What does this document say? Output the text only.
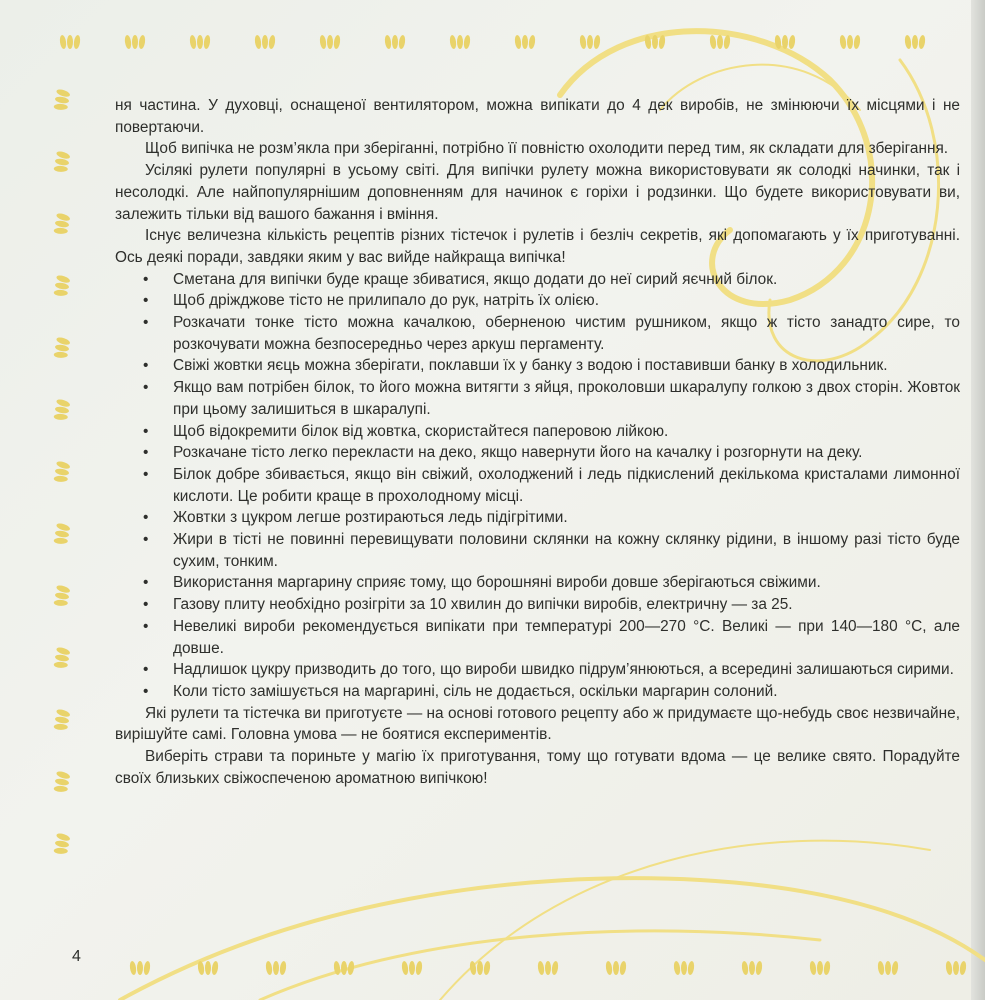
ня частина. У духовці, оснащеної вентилятором, можна випікати до 4 дек виробів, не змінюючи їх місцями і не повертаючи.

Щоб випічка не розм’якла при зберіганні, потрібно її повністю охолодити перед тим, як складати для зберігання.

Усілякі рулети популярні в усьому світі. Для випічки рулету можна використовувати як солодкі начинки, так і несолодкі. Але найпопулярнішим доповненням для начинок є горіхи і родзинки. Що будете використовувати ви, залежить тільки від вашого бажання і вміння.

Існує величезна кількість рецептів різних тістечок і рулетів і безліч секретів, які допомагають у їх приготуванні. Ось деякі поради, завдяки яким у вас вийде найкраща випічка!

• Сметана для випічки буде краще збиватися, якщо додати до неї сирий яєчний білок.
• Щоб дріжджове тісто не прилипало до рук, натріть їх олією.
• Розкачати тонке тісто можна качалкою, оберненою чистим рушником, якщо ж тісто занадто сире, то розкочувати можна безпосередньо через аркуш пергаменту.
• Свіжі жовтки яєць можна зберігати, поклавши їх у банку з водою і поставивши банку в холодильник.
• Якщо вам потрібен білок, то його можна витягти з яйця, проколовши шкаралупу голкою з двох сторін. Жовток при цьому залишиться в шкаралупі.
• Щоб відокремити білок від жовтка, скористайтеся паперовою лійкою.
• Розкачане тісто легко перекласти на деко, якщо навернути його на качалку і розгорнути на деку.
• Білок добре збивається, якщо він свіжий, охолоджений і ледь підкислений декількома кристалами лимонної кислоти. Це робити краще в прохолодному місці.
• Жовтки з цукром легше розтираються ледь підігрітими.
• Жири в тісті не повинні перевищувати половини склянки на кожну склянку рідини, в іншому разі тісто буде сухим, тонким.
• Використання маргарину сприяє тому, що борошняні вироби довше зберігаються свіжими.
• Газову плиту необхідно розігріти за 10 хвилин до випічки виробів, електричну — за 25.
• Невеликі вироби рекомендується випікати при температурі 200—270 °С. Великі — при 140—180 °С, але довше.
• Надлишок цукру призводить до того, що вироби швидко підрум’янюються, а всередині залишаються сирими.
• Коли тісто замішується на маргарині, сіль не додається, оскільки маргарин солоний.

Які рулети та тістечка ви приготуєте — на основі готового рецепту або ж придумаєте що-небудь своє незвичайне, вирішуйте самі. Головна умова — не боятися експериментів.

Виберіть страви та пориньте у магію їх приготування, тому що готувати вдома — це велике свято. Порадуйте своїх близьких свіжоспеченою ароматною випічкою!

4
